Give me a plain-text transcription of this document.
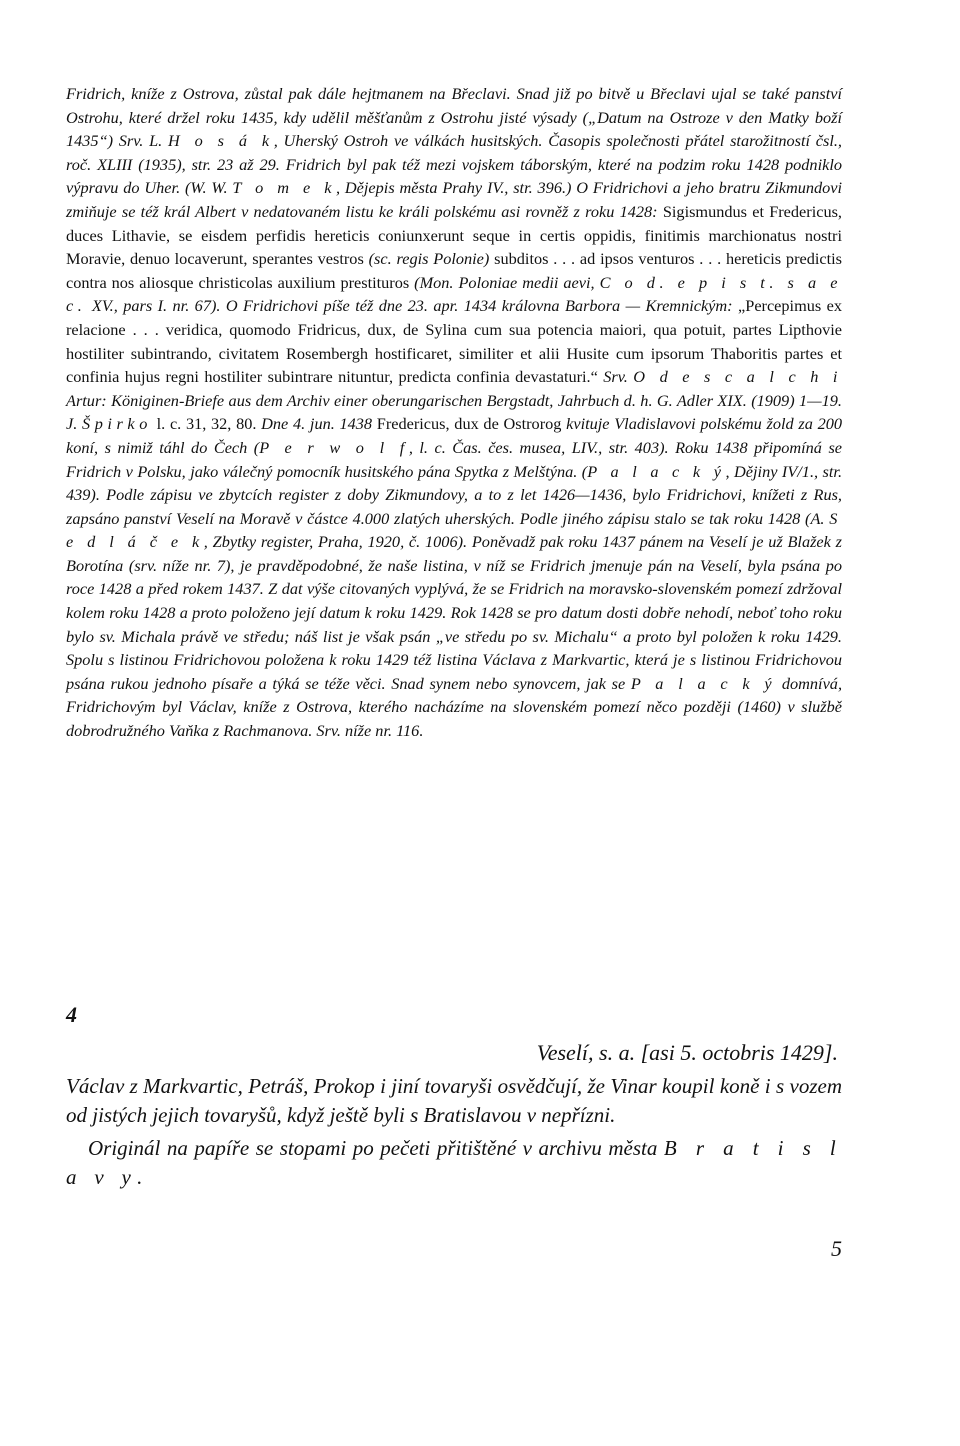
Fridrich, kníže z Ostrova, zůstal pak dále hejtmanem na Břeclavi. Snad již po bitvě u Břeclavi ujal se také panství Ostrohu, které držel roku 1435, kdy udělil měšťanům z Ostrohu jisté výsady („Datum na Ostroze v den Matky boží 1435“) Srv. L. H o s á k, Uherský Ostroh ve válkách husitských. Časopis společnosti přátel starožitností čsl., roč. XLIII (1935), str. 23 až 29. Fridrich byl pak též mezi vojskem táborským, které na podzim roku 1428 podniklo výpravu do Uher. (W. W. T o m e k, Dějepis města Prahy IV., str. 396.) O Fridrichovi a jeho bratru Zikmundovi zmiňuje se též král Albert v nedatovaném listu ke králi polskému asi rovněž z roku 1428: Sigismundus et Fredericus, duces Lithavie, se eisdem perfidis hereticis coniunxerunt seque in certis oppidis, finitimis marchionatus nostri Moravie, denuo locaverunt, sperantes vestros (sc. regis Polonie) subditos . . . ad ipsos venturos . . . hereticis predictis contra nos aliosque christicolas auxilium prestituros (Mon. Poloniae medii aevi, C o d. e p i s t. s a e c. XV., pars I. nr. 67). O Fridrichovi píše též dne 23. apr. 1434 královna Barbora — Kremnickým: „Percepimus ex relacione . . . veridica, quomodo Fridricus, dux, de Sylina cum sua potencia maiori, qua potuit, partes Lipthovie hostiliter subintrando, civitatem Rosembergh hostificaret, similiter et alii Husite cum ipsorum Thaboritis partes et confinia hujus regni hostiliter subintrare nituntur, predicta confinia devastaturi.“ Srv. O d e s c a l c h i Artur: Königinen-Briefe aus dem Archiv einer oberungarischen Bergstadt, Jahrbuch d. h. G. Adler XIX. (1909) 1—19. J. Špirko l. c. 31, 32, 80. Dne 4. jun. 1438 Fredericus, dux de Ostrorog kvituje Vladislavovi polskému žold za 200 koní, s nimiž táhl do Čech (P e r w o l f, l. c. Čas. čes. musea, LIV., str. 403). Roku 1438 připomíná se Fridrich v Polsku, jako válečný pomocník husitského pána Spytka z Melštýna. (P a l a c k ý, Dějiny IV/1., str. 439). Podle zápisu ve zbytcích register z doby Zikmundovy, a to z let 1426—1436, bylo Fridrichovi, knížeti z Rus, zapsáno panství Veselí na Moravě v částce 4.000 zlatých uherských. Podle jiného zápisu stalo se tak roku 1428 (A. S e d l á č e k, Zbytky register, Praha, 1920, č. 1006). Poněvadž pak roku 1437 pánem na Veselí je už Blažek z Borotína (srv. níže nr. 7), je pravděpodobné, že naše listina, v níž se Fridrich jmenuje pán na Veselí, byla psána po roce 1428 a před rokem 1437. Z dat výše citovaných vyplývá, že se Fridrich na moravsko-slovenském pomezí zdržoval kolem roku 1428 a proto položeno její datum k roku 1429. Rok 1428 se pro datum dosti dobře nehodí, neboť toho roku bylo sv. Michala právě ve středu; náš list je však psán „ve středu po sv. Michalu“ a proto byl položen k roku 1429. Spolu s listinou Fridrichovou položena k roku 1429 též listina Václava z Markvartic, která je s listinou Fridrichovou psána rukou jednoho písaře a týká se téže věci. Snad synem nebo synovcem, jak se P a l a c k ý domnívá, Fridrichovým byl Václav, kníže z Ostrova, kterého nacházíme na slovenském pomezí něco později (1460) v službě dobrodružného Vaňka z Rachmanova. Srv. níže nr. 116.

4
Veselí, s. a. [asi 5. octobris 1429].

Václav z Markvartic, Petráš, Prokop i jiní tovaryši osvědčují, že Vinar koupil koně i s vozem od jistých jejich tovaryšů, když ještě byli s Bratislavou v nepřízni.

Originál na papíře se stopami po pečeti přitištěné v archivu města B r a t i s l a v y.

5
